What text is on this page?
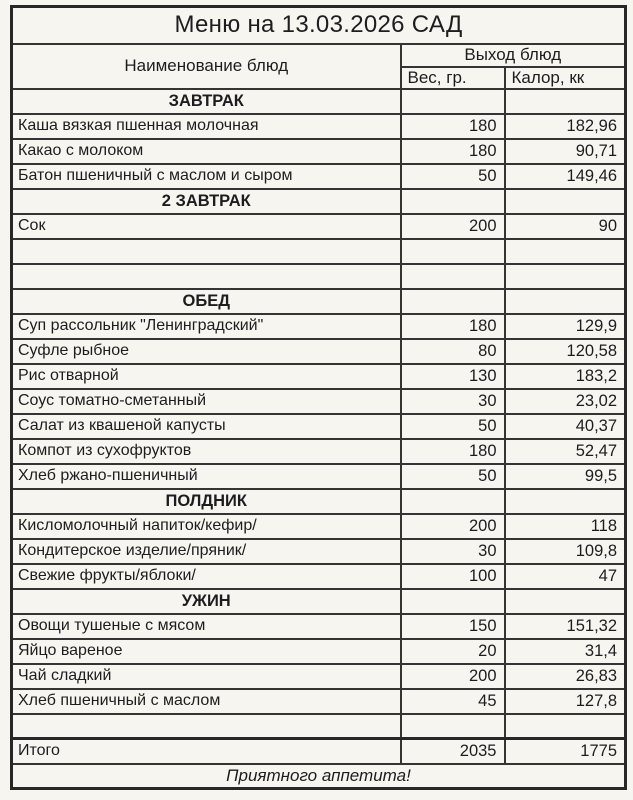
Меню на 13.03.2026 САД		
Наименование блюд	Выход блюд	
	Вес, гр.	Калор, кк
ЗАВТРАК		
Каша вязкая пшенная молочная	180	182,96
Какао с молоком	180	90,71
Батон пшеничный с маслом и сыром	50	149,46
2 ЗАВТРАК		
Сок	200	90

ОБЕД		
Суп рассольник "Ленинградский"	180	129,9
Суфле рыбное	80	120,58
Рис отварной	130	183,2
Соус томатно-сметанный	30	23,02
Салат из квашеной капусты	50	40,37
Компот из сухофруктов	180	52,47
Хлеб ржано-пшеничный	50	99,5
ПОЛДНИК		
Кисломолочный напиток/кефир/	200	118
Кондитерское изделие/пряник/	30	109,8
Свежие фрукты/яблоки/	100	47
УЖИН		
Овощи тушеные с мясом	150	151,32
Яйцо вареное	20	31,4
Чай сладкий	200	26,83
Хлеб пшеничный с маслом	45	127,8

Итого	2035	1775
Приятного аппетита!		
